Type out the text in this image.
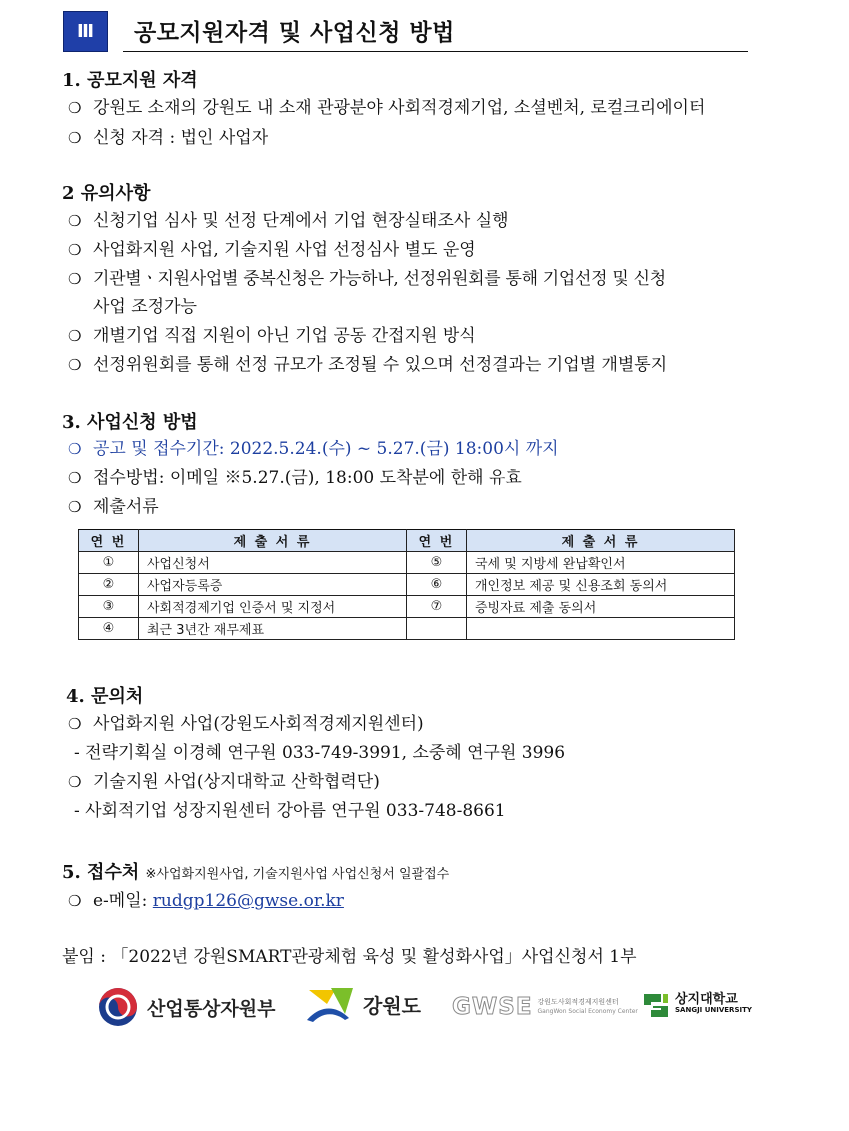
Ⅲ	공모지원자격 및 사업신청 방법
1. 공모지원 자격
❍ 강원도 소재의 강원도 내 소재 관광분야 사회적경제기업, 소셜벤처, 로컬크리에이터
❍ 신청 자격 : 법인 사업자
2 유의사항
❍ 신청기업 심사 및 선정 단계에서 기업 현장실태조사 실행
❍ 사업화지원 사업, 기술지원 사업 선정심사 별도 운영
❍ 기관별ㆍ지원사업별 중복신청은 가능하나, 선정위원회를 통해 기업선정 및 신청
사업 조정가능
❍ 개별기업 직접 지원이 아닌 기업 공동 간접지원 방식
❍ 선정위원회를 통해 선정 규모가 조정될 수 있으며 선정결과는 기업별 개별통지
3. 사업신청 방법
❍ 공고 및 접수기간: 2022.5.24.(수) ~ 5.27.(금) 18:00시 까지
❍ 접수방법: 이메일 ※5.27.(금), 18:00 도착분에 한해 유효
❍ 제출서류
연 번	제 출 서 류	연 번	제 출 서 류
①	사업신청서	⑤	국세 및 지방세 완납확인서
②	사업자등록증	⑥	개인정보 제공 및 신용조회 동의서
③	사회적경제기업 인증서 및 지정서	⑦	증빙자료 제출 동의서
④	최근 3년간 재무제표		
4. 문의처
❍ 사업화지원 사업(강원도사회적경제지원센터)
- 전략기획실 이경혜 연구원 033-749-3991, 소중혜 연구원 3996
❍ 기술지원 사업(상지대학교 산학협력단)
- 사회적기업 성장지원센터 강아름 연구원 033-748-8661
5. 접수처 ※사업화지원사업, 기술지원사업 사업신청서 일괄접수
❍ e-메일: rudgp126@gwse.or.kr
붙임 : 「2022년 강원SMART관광체험 육성 및 활성화사업」사업신청서 1부
산업통상자원부	강원도 GWSE 강원도사회적경제지원센터
GangWon Social Economy Center
상지대학교
SANGJI UNIVERSITY
